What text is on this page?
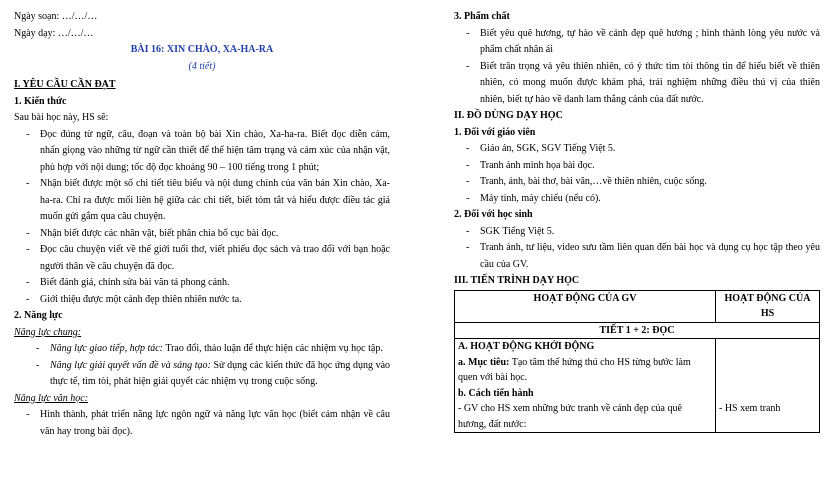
Ngày soạn: …/…/…

Ngày dạy: …/…/…

BÀI 16: XIN CHÀO, XA-HA-RA

(4 tiết)

I. YÊU CẦU CẦN ĐẠT

1. Kiến thức

Sau bài học này, HS sẽ:

- Đọc đúng từ ngữ, câu, đoạn và toàn bộ bài Xin chào, Xa-ha-ra. Biết đọc diễn cảm, nhấn giọng vào những từ ngữ cần thiết để thể hiện tâm trạng và cảm xúc của nhận vật, phù hợp với nội dung; tốc độ đọc khoảng 90 – 100 tiếng trong 1 phút;
- Nhận biết được một số chi tiết tiêu biểu và nội dung chính của văn bản Xin chào, Xa-ha-ra. Chỉ ra được mối liên hệ giữa các chi tiết, biết tóm tắt và hiểu được điều tác giả muốn gửi gắm qua câu chuyện.
- Nhận biết được các nhân vật, biết phân chia bố cục bài đọc.
- Đọc câu chuyện viết về thế giới tuổi thơ, viết phiếu đọc sách và trao đổi với bạn hoặc người thân về câu chuyện đã đọc.
- Biết đánh giá, chỉnh sửa bài văn tả phong cảnh.
- Giới thiệu được một cảnh đẹp thiên nhiên nước ta.

2. Năng lực

Năng lực chung:

- Năng lực giao tiếp, hợp tác: Trao đổi, thảo luận để thực hiện các nhiệm vụ học tập.
- Năng lực giải quyết vấn đề và sáng tạo: Sử dụng các kiến thức đã học ứng dụng vào thực tế, tìm tòi, phát hiện giải quyết các nhiệm vụ trong cuộc sống.

Năng lực văn học:

- Hình thành, phát triển năng lực ngôn ngữ và năng lực văn học (biết cảm nhận về câu văn hay trong bài đọc).

3. Phẩm chất

- Biết yêu quê hương, tự hào về cảnh đẹp quê hương ; hình thành lòng yêu nước và phẩm chất nhân ái
- Biết trân trọng và yêu thiên nhiên, có ý thức tìm tòi thông tin để hiểu biết về thiên nhiên, có mong muốn được khám phá, trải nghiệm những điều thú vị của thiên nhiên, biết tự hào về danh lam thắng cảnh của đất nước.

II. ĐỒ DÙNG DẠY HỌC

1. Đối với giáo viên

- Giáo án, SGK, SGV Tiếng Việt 5.
- Tranh ảnh minh họa bài đọc.
- Tranh, ảnh, bài thơ, bài văn,…về thiên nhiên, cuộc sống.
- Máy tính, máy chiếu (nếu có).

2. Đối với học sinh

- SGK Tiếng Việt 5.
- Tranh ảnh, tư liệu, video sưu tầm liên quan đến bài học và dụng cụ học tập theo yêu cầu của GV.

III. TIẾN TRÌNH DẠY HỌC

HOẠT ĐỘNG CỦA GV	HOẠT ĐỘNG CỦA HS
TIẾT 1 + 2: ĐỌC	

A. HOẠT ĐỘNG KHỞI ĐỘNG
a. Mục tiêu: Tạo tâm thế hứng thú cho HS từng bước làm quen với bài học.
b. Cách tiến hành
- GV cho HS xem những bức tranh về cảnh đẹp của quê hương, đất nước:	- HS xem tranh
